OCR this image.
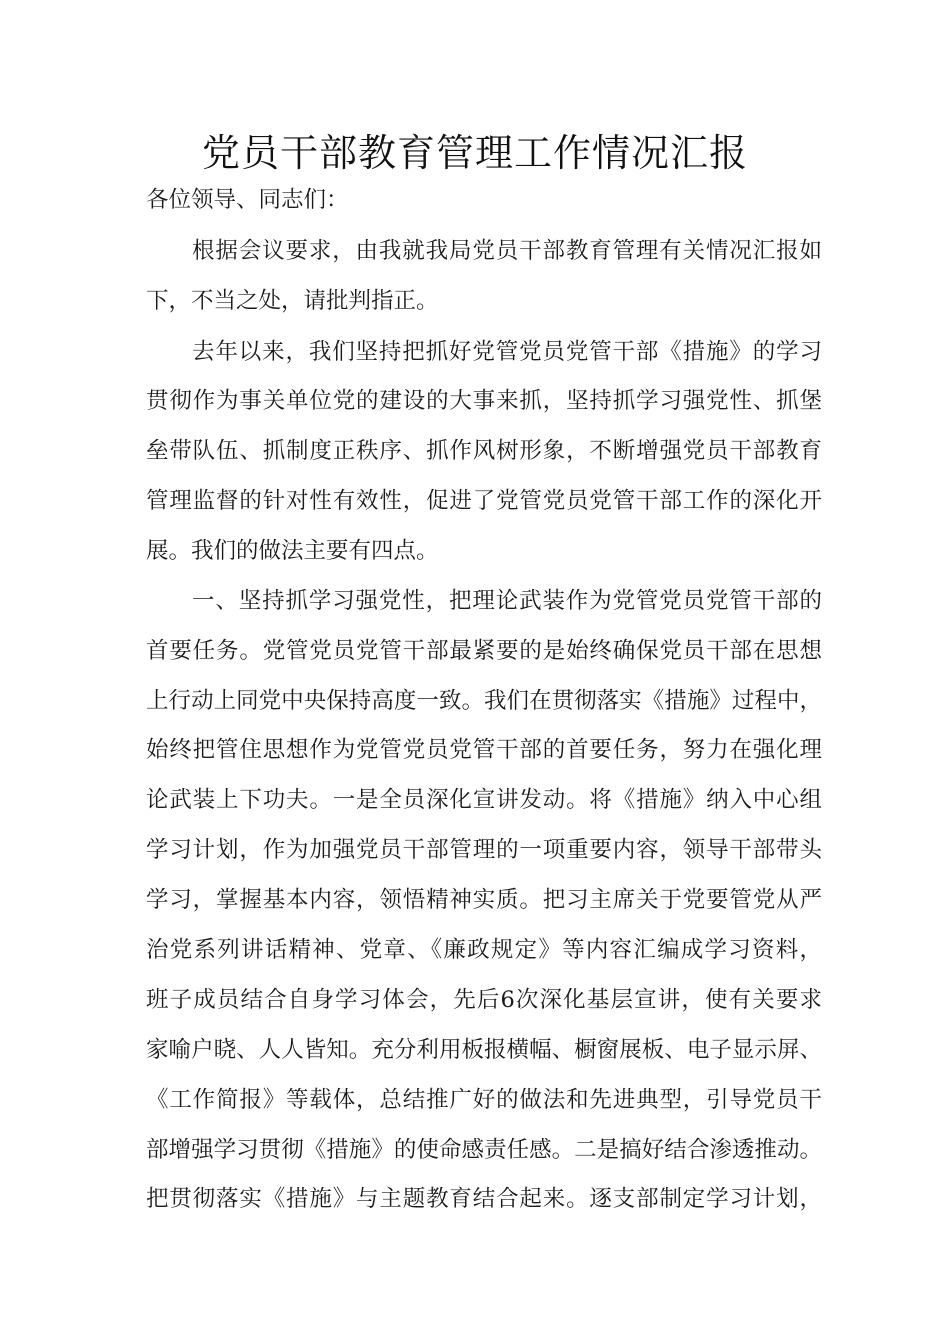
党员干部教育管理工作情况汇报

各位领导、同志们：

根据会议要求，由我就我局党员干部教育管理有关情况汇报如

下，不当之处，请批判指正。

去年以来，我们坚持把抓好党管党员党管干部《措施》的学习

贯彻作为事关单位党的建设的大事来抓，坚持抓学习强党性、抓堡

垒带队伍、抓制度正秩序、抓作风树形象，不断增强党员干部教育

管理监督的针对性有效性，促进了党管党员党管干部工作的深化开

展。我们的做法主要有四点。

一、坚持抓学习强党性，把理论武装作为党管党员党管干部的

首要任务。党管党员党管干部最紧要的是始终确保党员干部在思想

上行动上同党中央保持高度一致。我们在贯彻落实《措施》过程中，

始终把管住思想作为党管党员党管干部的首要任务，努力在强化理

论武装上下功夫。一是全员深化宣讲发动。将《措施》纳入中心组

学习计划，作为加强党员干部管理的一项重要内容，领导干部带头

学习，掌握基本内容，领悟精神实质。把习主席关于党要管党从严

治党系列讲话精神、党章、《廉政规定》等内容汇编成学习资料，

班子成员结合自身学习体会，先后6次深化基层宣讲，使有关要求

家喻户晓、人人皆知。充分利用板报横幅、橱窗展板、电子显示屏、

《工作简报》等载体，总结推广好的做法和先进典型，引导党员干

部增强学习贯彻《措施》的使命感责任感。二是搞好结合渗透推动。

把贯彻落实《措施》与主题教育结合起来。逐支部制定学习计划，
